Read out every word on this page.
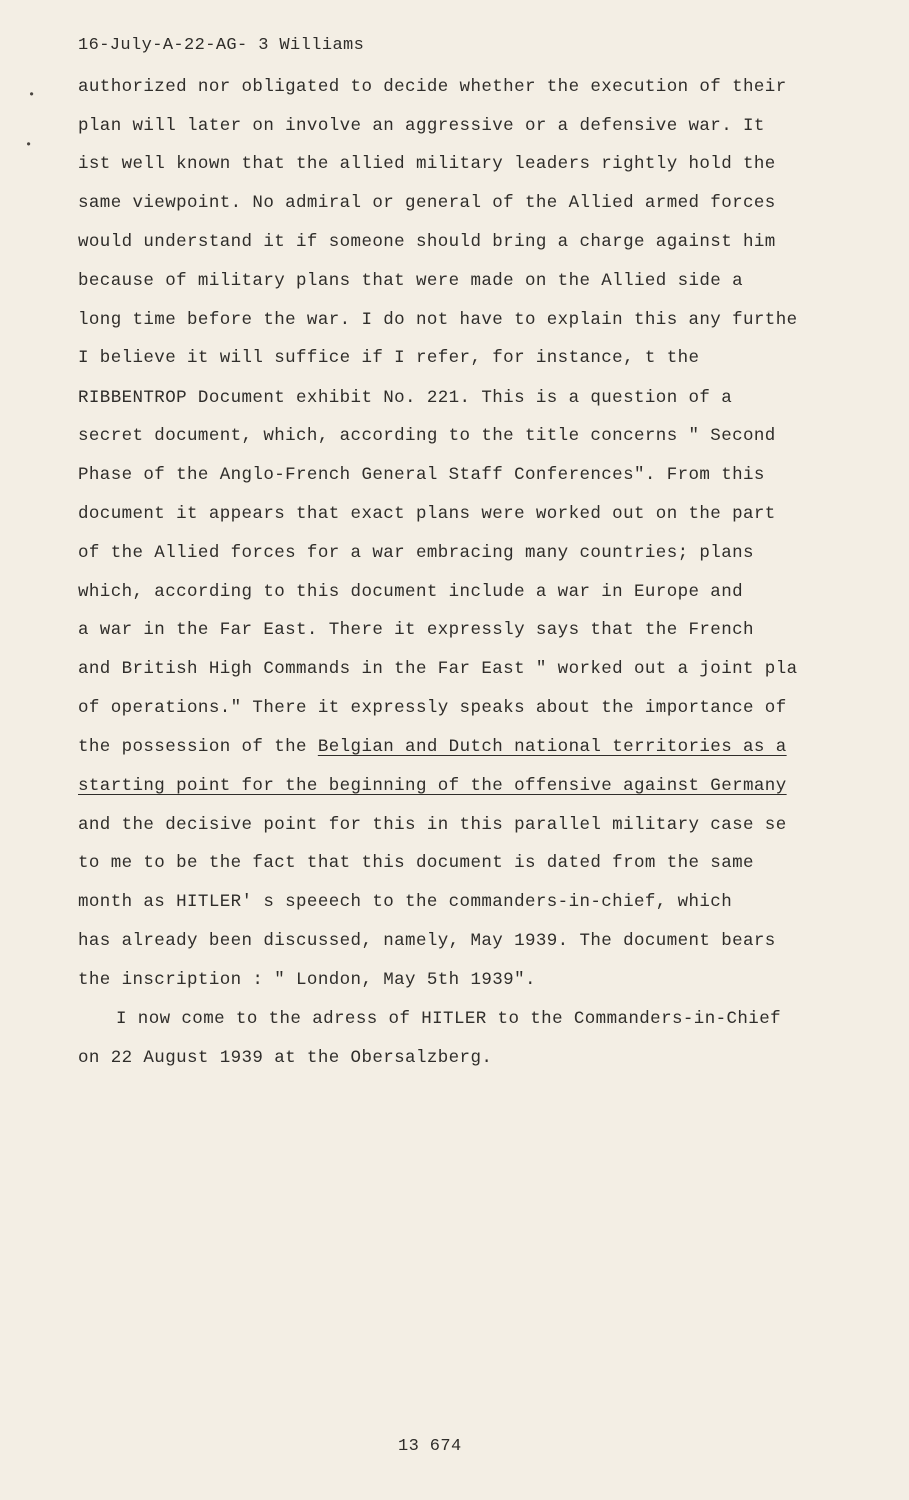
•
•
16-July-A-22-AG- 3 Williams
authorized nor obligated to decide whether the execution of their
plan will later on involve an aggressive or a defensive war. It
ist well known that the allied military leaders rightly hold the
same viewpoint. No admiral or general of the Allied armed forces
would understand it if someone should bring a charge against him
because of military plans that were made on the Allied side a
long time before the war. I do not have to explain this any furthe
I believe it will suffice if I refer, for instance, t the
RIBBENTROP Document exhibit No. 221. This is a question of a
secret document, which, according to the title concerns " Second
Phase of the Anglo-French General Staff Conferences". From this
document it appears that exact plans were worked out on the part
of the Allied forces for a war embracing many countries; plans
which, according to this document include a war in Europe and
a war in the Far East. There it expressly says that the French
and British High Commands in the Far East " worked out a joint pla
of operations." There it expressly speaks about the importance of
the possession of the Belgian and Dutch national territories as a
starting point for the beginning of the offensive against Germany
and the decisive point for this in this parallel military case se
to me to be the fact that this document is dated from the same
month as HITLER' s speeech to the commanders-in-chief, which
has already been discussed, namely, May 1939. The document bears
the inscription : " London, May 5th 1939".
I now come to the adress of HITLER to the Commanders-in-Chief
on 22 August 1939 at the Obersalzberg.
13 674
